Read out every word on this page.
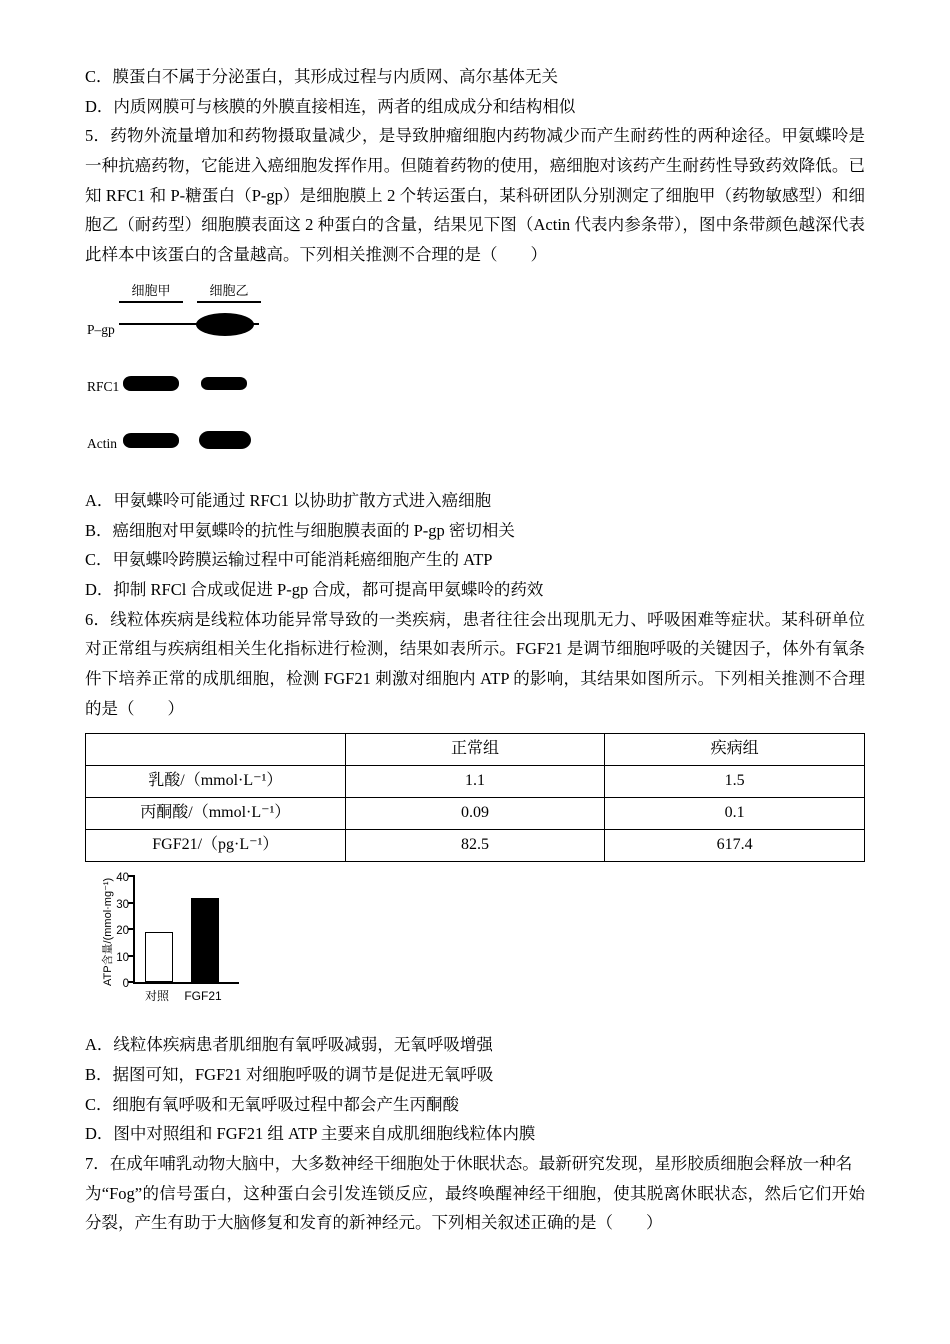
C．膜蛋白不属于分泌蛋白，其形成过程与内质网、高尔基体无关

D．内质网膜可与核膜的外膜直接相连，两者的组成成分和结构相似

5．药物外流量增加和药物摄取量减少，是导致肿瘤细胞内药物减少而产生耐药性的两种途径。甲氨蝶呤是一种抗癌药物，它能进入癌细胞发挥作用。但随着药物的使用，癌细胞对该药产生耐药性导致药效降低。已知 RFC1 和 P-糖蛋白（P-gp）是细胞膜上 2 个转运蛋白，某科研团队分别测定了细胞甲（药物敏感型）和细胞乙（耐药型）细胞膜表面这 2 种蛋白的含量，结果见下图（Actin 代表内参条带），图中条带颜色越深代表此样本中该蛋白的含量越高。下列相关推测不合理的是（　　）

细胞甲	细胞乙
P–gp
RFC1
Actin

A．甲氨蝶呤可能通过 RFC1 以协助扩散方式进入癌细胞

B．癌细胞对甲氨蝶呤的抗性与细胞膜表面的 P-gp 密切相关

C．甲氨蝶呤跨膜运输过程中可能消耗癌细胞产生的 ATP

D．抑制 RFCl 合成或促进 P-gp 合成，都可提高甲氨蝶呤的药效

6．线粒体疾病是线粒体功能异常导致的一类疾病，患者往往会出现肌无力、呼吸困难等症状。某科研单位对正常组与疾病组相关生化指标进行检测，结果如表所示。FGF21 是调节细胞呼吸的关键因子，体外有氧条件下培养正常的成肌细胞，检测 FGF21 刺激对细胞内 ATP 的影响，其结果如图所示。下列相关推测不合理的是（　　）

	正常组	疾病组
乳酸/（mmol·L⁻¹）	1.1	1.5
丙酮酸/（mmol·L⁻¹）	0.09	0.1
FGF21/（pg·L⁻¹）	82.5	617.4
ATP含量/(mmol·mg⁻¹) 0
10
20
30
40
对照	FGF21

A．线粒体疾病患者肌细胞有氧呼吸减弱，无氧呼吸增强

B．据图可知，FGF21 对细胞呼吸的调节是促进无氧呼吸

C．细胞有氧呼吸和无氧呼吸过程中都会产生丙酮酸

D．图中对照组和 FGF21 组 ATP 主要来自成肌细胞线粒体内膜

7．在成年哺乳动物大脑中，大多数神经干细胞处于休眠状态。最新研究发现，星形胶质细胞会释放一种名

为“Fog”的信号蛋白，这种蛋白会引发连锁反应，最终唤醒神经干细胞，使其脱离休眠状态，然后它们开始分裂，产生有助于大脑修复和发育的新神经元。下列相关叙述正确的是（　　）
